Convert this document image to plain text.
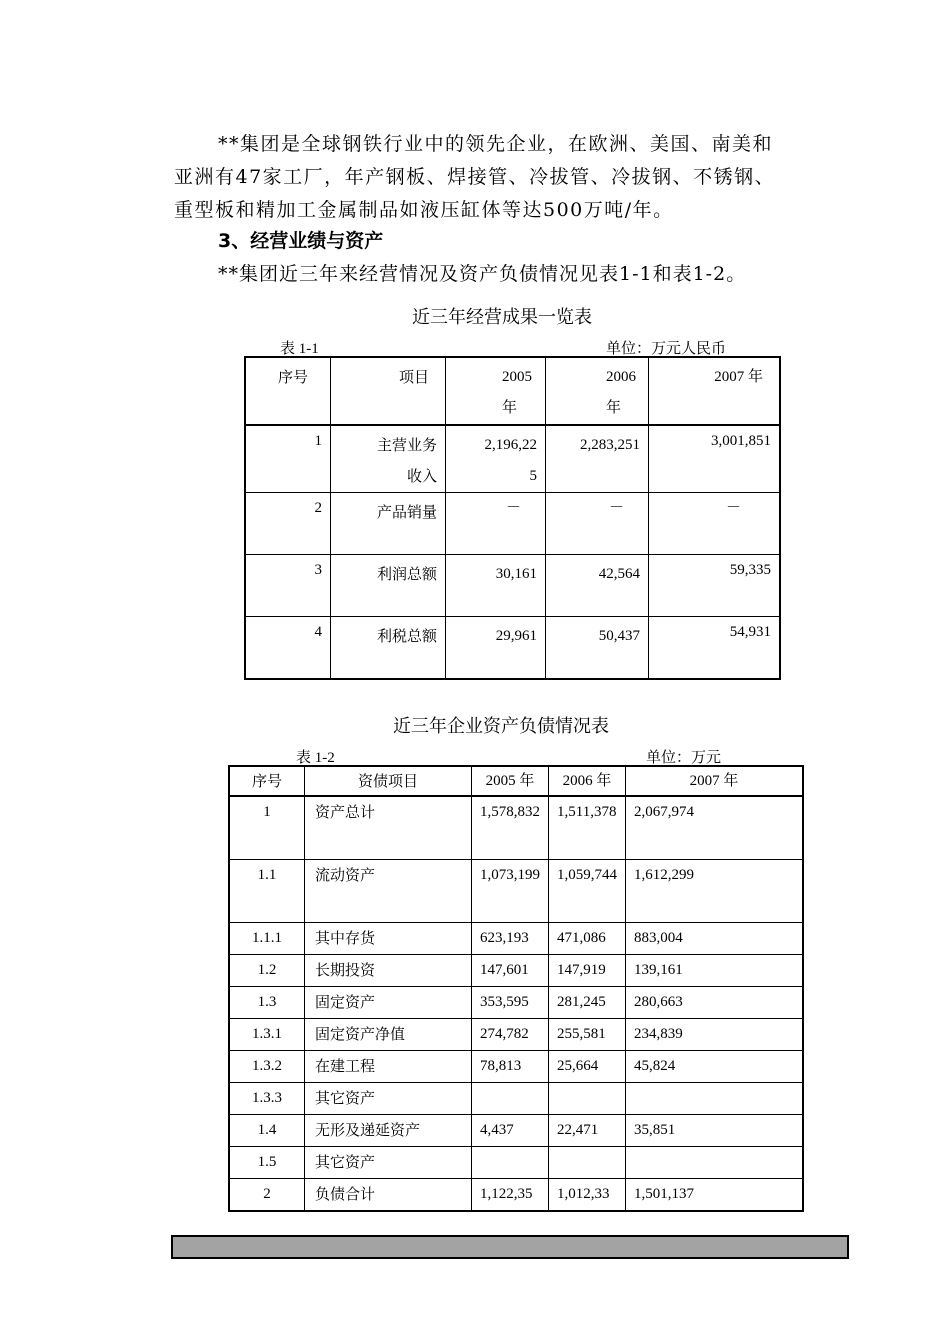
**集团是全球钢铁行业中的领先企业，在欧洲、美国、南美和
亚洲有47家工厂，年产钢板、焊接管、冷拔管、冷拔钢、不锈钢、
重型板和精加工金属制品如液压缸体等达500万吨/年。

3、经营业绩与资产

**集团近三年来经营情况及资产负债情况见表1-1和表1-2。

近三年经营成果一览表

表 1-1	单位：万元人民币

序号	项目	2005年	2006年	2007 年

1	主营业务收入	2,196,225	2,283,251	3,001,851
2	产品销量	－	－	－
3	利润总额	30,161	42,564	59,335
4	利税总额	29,961	50,437	54,931

近三年企业资产负债情况表

表 1-2	单位：万元

序号	资债项目	2005 年	2006 年	2007 年
1	资产总计	1,578,832	1,511,378	2,067,974
1.1	流动资产	1,073,199	1,059,744	1,612,299
1.1.1	其中存货	623,193	471,086	883,004
1.2	长期投资	147,601	147,919	139,161
1.3	固定资产	353,595	281,245	280,663
1.3.1	固定资产净值	274,782	255,581	234,839
1.3.2	在建工程	78,813	25,664	45,824
1.3.3	其它资产			
1.4	无形及递延资产	4,437	22,471	35,851
1.5	其它资产			
2	负债合计	1,122,35	1,012,33	1,501,137
